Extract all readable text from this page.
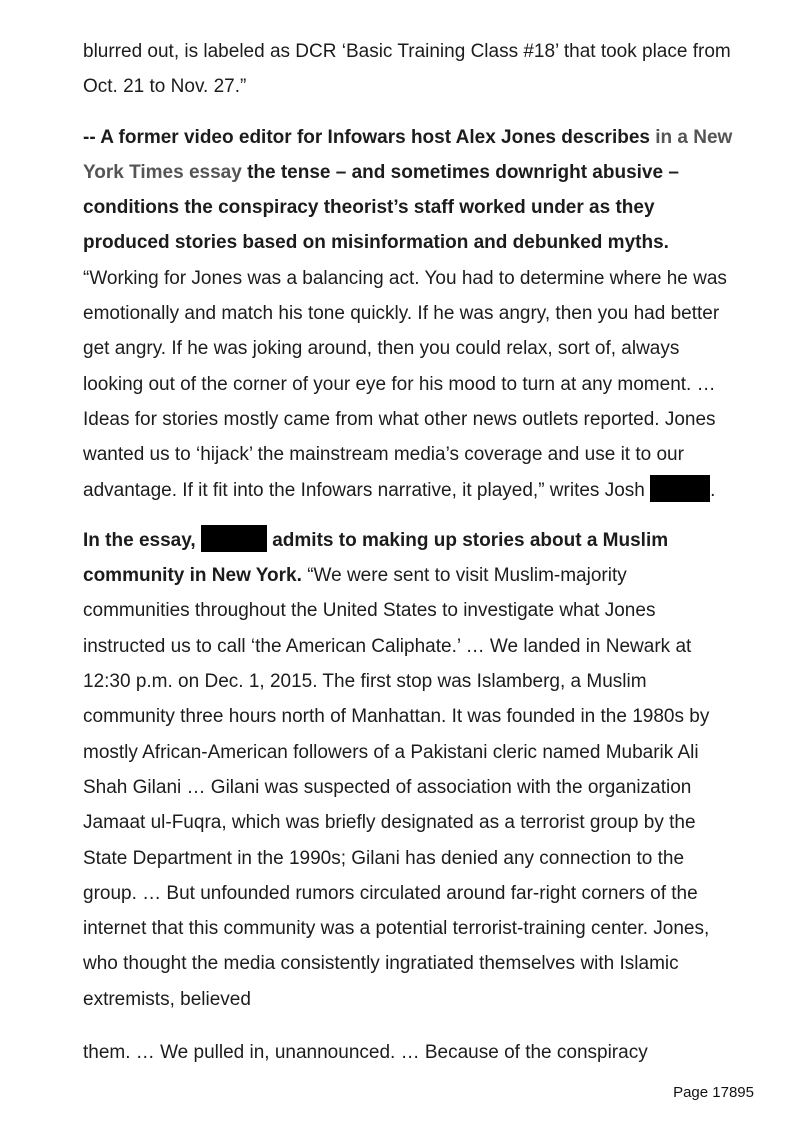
blurred out, is labeled as DCR ‘Basic Training Class #18’ that took place from Oct. 21 to Nov. 27.”

-- A former video editor for Infowars host Alex Jones describes in a New York Times essay the tense – and sometimes downright abusive – conditions the conspiracy theorist’s staff worked under as they produced stories based on misinformation and debunked myths. “Working for Jones was a balancing act. You had to determine where he was emotionally and match his tone quickly. If he was angry, then you had better get angry. If he was joking around, then you could relax, sort of, always looking out of the corner of your eye for his mood to turn at any moment. … Ideas for stories mostly came from what other news outlets reported. Jones wanted us to ‘hijack’ the mainstream media’s coverage and use it to our advantage. If it fit into the Infowars narrative, it played,” writes Josh	.

In the essay,	admits to making up stories about a Muslim community in New York. “We were sent to visit Muslim-majority communities throughout the United States to investigate what Jones instructed us to call ‘the American Caliphate.’ … We landed in Newark at 12:30 p.m. on Dec. 1, 2015. The first stop was Islamberg, a Muslim community three hours north of Manhattan. It was founded in the 1980s by mostly African-American followers of a Pakistani cleric named Mubarik Ali Shah Gilani … Gilani was suspected of association with the organization Jamaat ul-Fuqra, which was briefly designated as a terrorist group by the State Department in the 1990s; Gilani has denied any connection to the group. … But unfounded rumors circulated around far-right corners of the internet that this community was a potential terrorist-training center. Jones, who thought the media consistently ingratiated themselves with Islamic extremists, believed

them. … We pulled in, unannounced. … Because of the conspiracy
Page 17895
